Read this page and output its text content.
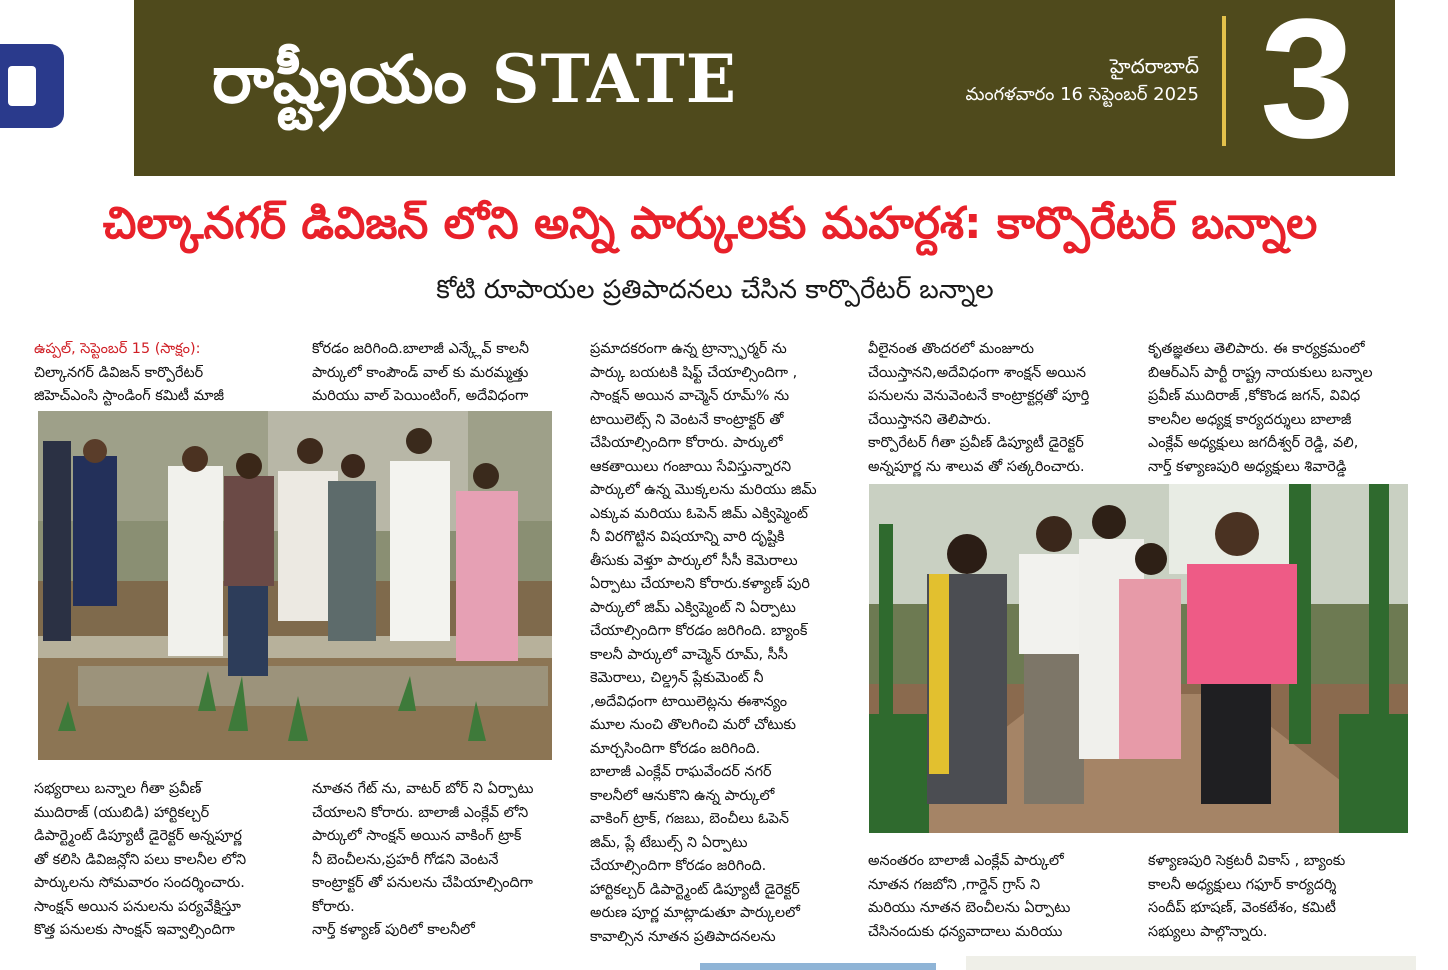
రాష్ట్రీయం STATE	హైదరాబాద్
మంగళవారం 16 సెప్టెంబర్ 2025 3
చిల్కానగర్ డివిజన్ లోని అన్ని పార్కులకు మహర్దశ: కార్పొరేటర్ బన్నాల
కోటి రూపాయల ప్రతిపాదనలు చేసిన కార్పొరేటర్ బన్నాల

ఉప్పల్, సెప్టెంబర్ 15 (సాక్షం):

చిల్కానగర్ డివిజన్ కార్పొరేటర్

జిహెచ్ఎంసి స్టాండింగ్ కమిటీ మాజీ

కోరడం జరిగింది.బాలాజీ ఎన్క్లేవ్ కాలనీ

పార్కులో కాంపౌండ్ వాల్ కు మరమ్మత్తు

మరియు వాల్ పెయింటింగ్, అదేవిధంగా

సభ్యరాలు బన్నాల గీతా ప్రవీణ్

ముదిరాజ్ (యుబిడి) హార్టికల్చర్

డిపార్ట్మెంట్ డిప్యూటీ డైరెక్టర్ అన్నపూర్ణ

తో కలిసి డివిజన్లోని పలు కాలనీల లోని

పార్కులను సోమవారం సందర్శించారు.

సాంక్షన్ అయిన పనులను పర్యవేక్షిస్తూ

కొత్త పనులకు సాంక్షన్ ఇవ్వాల్సిందిగా

నూతన గేట్ ను, వాటర్ బోర్ ని ఏర్పాటు

చేయాలని కోరారు. బాలాజీ ఎంక్లేవ్ లోని

పార్కులో సాంక్షన్ అయిన వాకింగ్ ట్రాక్

నీ బెంచీలను,ప్రహరీ గోడని వెంటనే

కాంట్రాక్టర్ తో పనులను చేపియాల్సిందిగా

కోరారు.

నార్త్ కళ్యాణ్ పురిలో కాలనీలో

ప్రమాదకరంగా ఉన్న ట్రాన్స్ఫార్మర్ ను

పార్కు బయటకి షిఫ్ట్ చేయాల్సిందిగా ,

సాంక్షన్ అయిన వాచ్మెన్ రూమ్% ను

టాయిలెట్స్ ని వెంటనే కాంట్రాక్టర్ తో

చేపియాల్సిందిగా కోరారు. పార్కులో

ఆకతాయిలు గంజాయి సేవిస్తున్నారని

పార్కులో ఉన్న మొక్కలను మరియు జిమ్

ఎక్కువ మరియు ఓపెన్ జిమ్ ఎక్విప్మెంట్

నీ విరగొట్టిన విషయాన్ని వారి దృష్టికి

తీసుకు వెళ్తూ పార్కులో సీసీ కెమెరాలు

ఏర్పాటు చేయాలని కోరారు.కళ్యాణ్ పురి

పార్కులో జిమ్ ఎక్విప్మెంట్ ని ఏర్పాటు

చేయాల్సిందిగా కోరడం జరిగింది. బ్యాంక్

కాలనీ పార్కులో వాచ్మెన్ రూమ్, సీసీ

కెమెరాలు, చిల్డ్రన్ ప్లేకుమెంట్ నీ

,అదేవిధంగా టాయిలెట్లను ఈశాన్యం

మూల నుంచి తొలగించి మరో చోటుకు

మార్చసిందిగా కోరడం జరిగింది.

బాలాజీ ఎంక్లేవ్ రాఘవేందర్ నగర్

కాలనీలో ఆనుకొని ఉన్న పార్కులో

వాకింగ్ ట్రాక్, గజబు, బెంచీలు ఓపెన్

జిమ్, ప్లే టేబుల్స్ ని ఏర్పాటు

చేయాల్సిందిగా కోరడం జరిగింది.

హార్టికల్చర్ డిపార్ట్మెంట్ డిప్యూటీ డైరెక్టర్

అరుణ పూర్ణ మాట్లాడుతూ పార్కులలో

కావాల్సిన నూతన ప్రతిపాదనలను

వీలైనంత తొందరలో మంజూరు

చేయిస్తానని,అదేవిధంగా శాంక్షన్ అయిన

పనులను వెనువెంటనే కాంట్రాక్టర్లతో పూర్తి

చేయిస్తానని తెలిపారు.

కార్పొరేటర్ గీతా ప్రవీణ్ డిప్యూటీ డైరెక్టర్

అన్నపూర్ణ ను శాలువ తో సత్కరించారు.

కృతజ్ఞతలు తెలిపారు. ఈ కార్యక్రమంలో

బిఆర్ఎస్ పార్టీ రాష్ట్ర నాయకులు బన్నాల

ప్రవీణ్ ముదిరాజ్ ,కోకొండ జగన్, వివిధ

కాలనీల అధ్యక్ష కార్యదర్శులు బాలాజీ

ఎంక్లేవ్ అధ్యక్షులు జగదీశ్వర్ రెడ్డి, వలి,

నార్త్ కళ్యాణపురి అధ్యక్షులు శివారెడ్డి

అనంతరం బాలాజీ ఎంక్లేవ్ పార్కులో

నూతన గజబోని ,గార్డెన్ గ్రాస్ ని

మరియు నూతన బెంచీలను ఏర్పాటు

చేసినందుకు ధన్యవాదాలు మరియు

కళ్యాణపురి సెక్రటరీ వికాస్ , బ్యాంకు

కాలనీ అధ్యక్షులు గఫూర్ కార్యదర్శి

సందీప్ భూషణ్, వెంకటేశం, కమిటీ

సభ్యులు పాల్గొన్నారు.
